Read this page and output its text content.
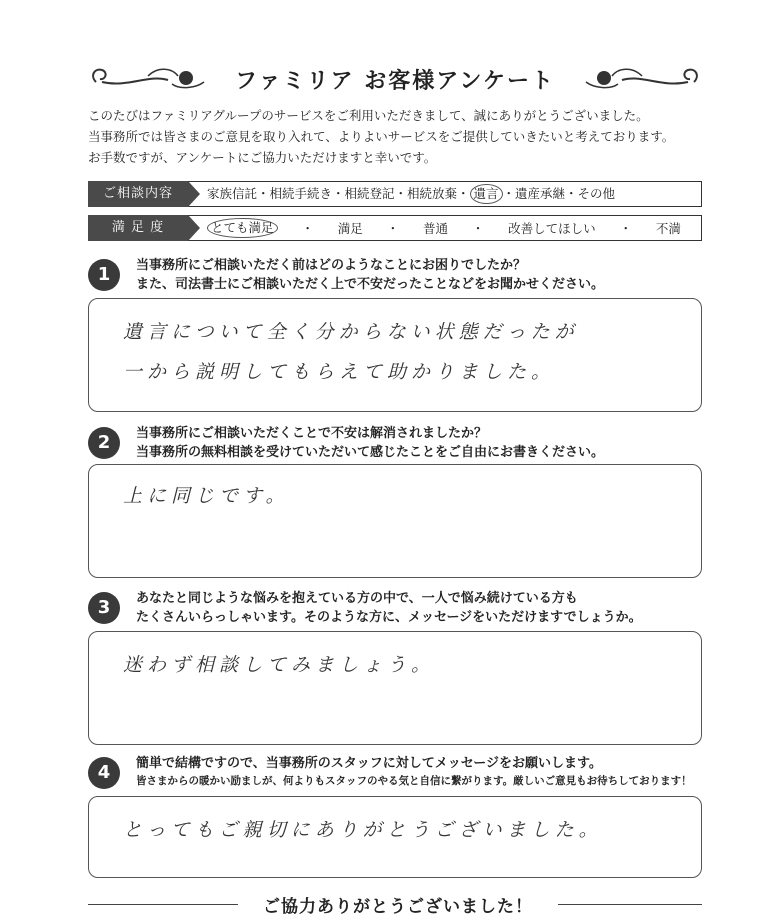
ファミリア お客様アンケート
このたびはファミリアグループのサービスをご利用いただきまして、誠にありがとうございました。
当事務所では皆さまのご意見を取り入れて、よりよいサービスをご提供していきたいと考えております。
お手数ですが、アンケートにご協力いただけますと幸いです。
ご相談内容	家族信託・相続手続き・相続登記・相続放棄・ 遺言 ・遺産承継・その他
満 足 度	とても満足	・ 満足 ・ 普通 ・ 改善してほしい ・ 不満
1	当事務所にご相談いただく前はどのようなことにお困りでしたか？
また、司法書士にご相談いただく上で不安だったことなどをお聞かせください。
遺言について全く分からない状態だったが
一から説明してもらえて助かりました。
2	当事務所にご相談いただくことで不安は解消されましたか？
当事務所の無料相談を受けていただいて感じたことをご自由にお書きください。
上に同じです。
3	あなたと同じような悩みを抱えている方の中で、一人で悩み続けている方も
たくさんいらっしゃいます。そのような方に、メッセージをいただけますでしょうか。
迷わず相談してみましょう。
4	簡単で結構ですので、当事務所のスタッフに対してメッセージをお願いします。
皆さまからの暖かい励ましが、何よりもスタッフのやる気と自信に繋がります。厳しいご意見もお待ちしております！
とってもご親切にありがとうございました。
ご協力ありがとうございました！
